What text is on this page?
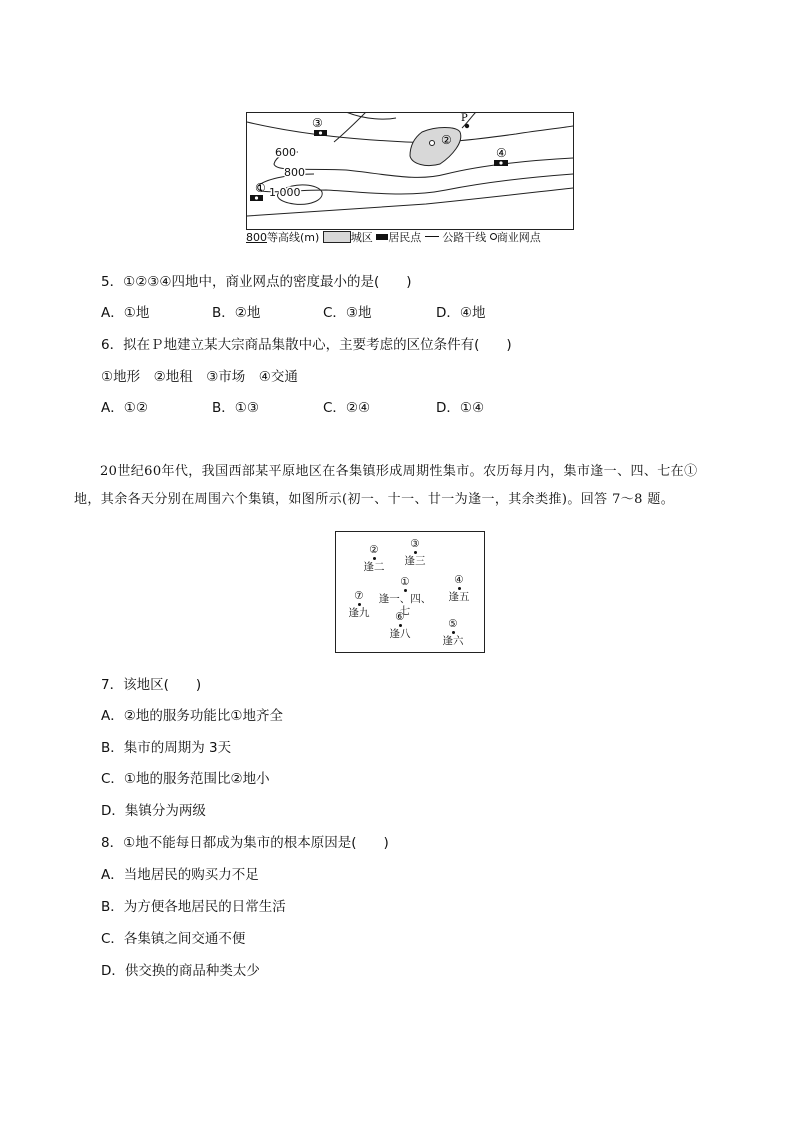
P
②
③
④
①
600
800
1 000
800等高线(m)	城区 居民点 公路干线 商业网点
5．①②③④四地中，商业网点的密度最小的是(　　)
A．①地	B．②地	C．③地	D．④地
6．拟在Ｐ地建立某大宗商品集散中心，主要考虑的区位条件有(　　)
①地形　②地租　③市场　④交通
A．①②	B．①③	C．②④	D．①④

20世纪60年代，我国西部某平原地区在各集镇形成周期性集市。农历每月内，集市逢一、四、七在①

地，其余各天分别在周围六个集镇，如图所示(初一、十一、廿一为逢一，其余类推)。回答 7～8 题。

②
逢二
③
逢三
①
逢一、四、七
④
逢五
⑦
逢九	⑥
逢八
⑤
逢六
7．该地区(　　)
A．②地的服务功能比①地齐全
B．集市的周期为 3天
C．①地的服务范围比②地小
D．集镇分为两级
8．①地不能每日都成为集市的根本原因是(　　)
A．当地居民的购买力不足
B．为方便各地居民的日常生活
C．各集镇之间交通不便
D．供交换的商品种类太少
